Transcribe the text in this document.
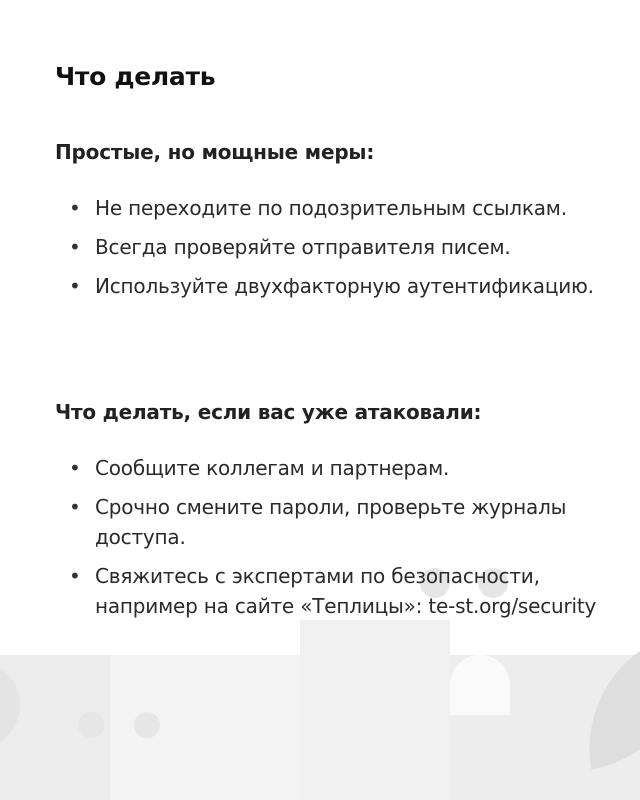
Что делать
Простые, но мощные меры:
• Не переходите по подозрительным ссылкам.
• Всегда проверяйте отправителя писем.
• Используйте двухфакторную аутентификацию.
Что делать, если вас уже атаковали:
• Сообщите коллегам и партнерам.
• Срочно смените пароли, проверьте журналы доступа.
• Свяжитесь с экспертами по безопасности, например на сайте «Теплицы»: te-st.org/security
